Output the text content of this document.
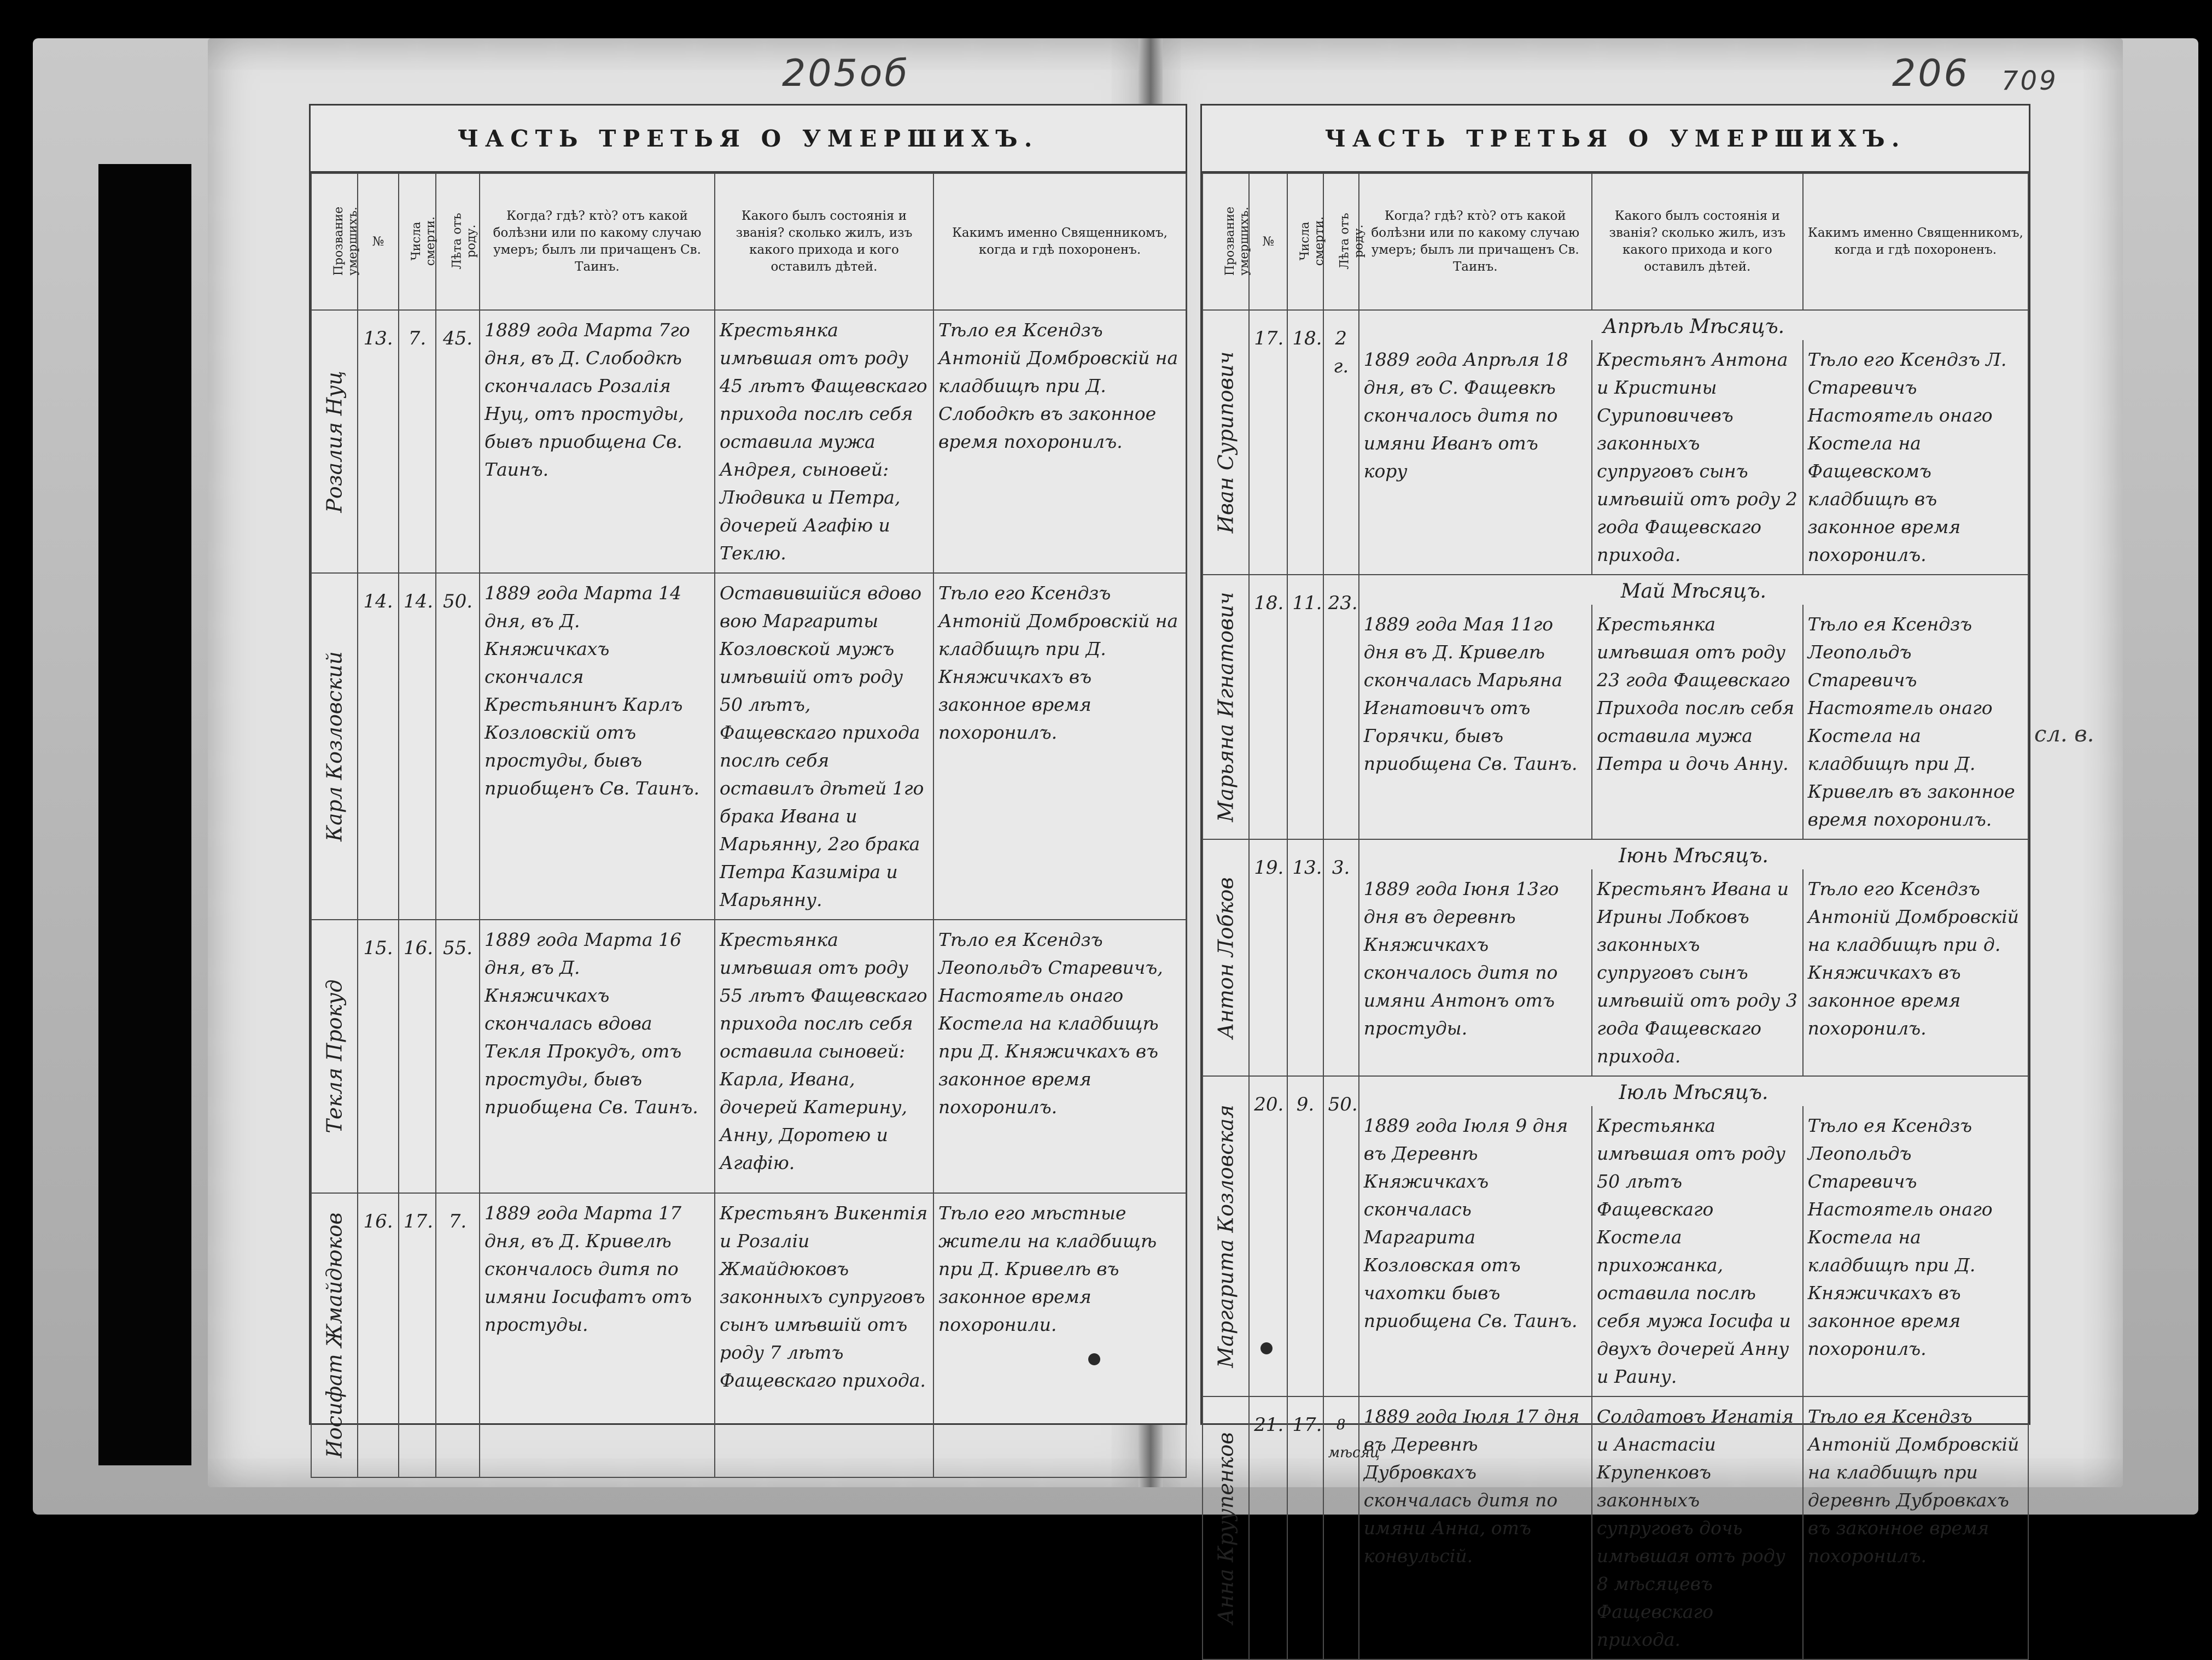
205об	206 709
ЧАСТЬ ТРЕТЬЯ О УМЕРШИХЪ.
Прозвание
умершихъ.	№	Числа
смерти.	Лѣта отъ
роду.	Когда? гдѣ? ктò? отъ какой болѣзни или по какому случаю умеръ; былъ ли причащенъ Св. Таинъ.	Какого былъ состоянія и званія? сколько жилъ, изъ какого прихода и кого оставилъ дѣтей.	Какимъ именно Священникомъ, когда и гдѣ похороненъ.

Розалия Нуц	13.	7.	45.	1889 года Марта 7го дня, въ Д. Слободкѣ скончалась Розалія Нуц, отъ простуды, бывъ приобщена Св. Таинъ.	Крестьянка имѣвшая отъ роду 45 лѣтъ Фащевскаго прихода послѣ себя оставила мужа Андрея, сыновей: Людвика и Петра, дочерей Агафію и Теклю.	Тѣло ея Ксендзъ Антоній Домбровскій на кладбищѣ при Д. Слободкѣ въ законное время похоронилъ.

Карл Козловский	14.	14.	50.	1889 года Марта 14 дня, въ Д. Княжичкахъ скончался Крестьянинъ Карлъ Козловскій отъ простуды, бывъ приобщенъ Св. Таинъ.	Оставившійся вдово вою Маргариты Козловской мужъ имѣвшій отъ роду 50 лѣтъ, Фащевскаго прихода послѣ себя оставилъ дѣтей 1го брака Ивана и Марьянну, 2го брака Петра Казиміра и Марьянну.	Тѣло его Ксендзъ Антоній Домбровскій на кладбищѣ при Д. Княжичкахъ въ законное время похоронилъ.

Текля Прокуд	15.	16.	55.	1889 года Марта 16 дня, въ Д. Княжичкахъ скончалась вдова Текля Прокудъ, отъ простуды, бывъ приобщена Св. Таинъ.	Крестьянка имѣвшая отъ роду 55 лѣтъ Фащевскаго прихода послѣ себя оставила сыновей: Карла, Ивана, дочерей Катерину, Анну, Доротею и Агафію.	Тѣло ея Ксендзъ Леопольдъ Старевичъ, Настоятель онаго Костела на кладбищѣ при Д. Княжичкахъ въ законное время похоронилъ.

Иосифат Жмайдюков	16.	17.	7.	1889 года Марта 17 дня, въ Д. Кривелѣ скончалось дитя по имяни Іосифатъ отъ простуды.	Крестьянъ Викентія и Розаліи Жмайдюковъ законныхъ супруговъ сынъ имѣвшій отъ роду 7 лѣтъ Фащевскаго прихода.	Тѣло его мѣстные жители на кладбищѣ при Д. Кривелѣ въ законное время похоронили.
ЧАСТЬ ТРЕТЬЯ О УМЕРШИХЪ.
Прозвание
умершихъ.	№	Числа
смерти.	Лѣта отъ
роду.	Когда? гдѣ? ктò? отъ какой болѣзни или по какому случаю умеръ; былъ ли причащенъ Св. Таинъ.	Какого былъ состоянія и званія? сколько жилъ, изъ какого прихода и кого оставилъ дѣтей.	Какимъ именно Священникомъ, когда и гдѣ похороненъ.

Иван Сурипович
	17.	18.	2 г.	
Апрѣль Мѣсяцъ.
1889 года Апрѣля 18 дня, въ С. Фащевкѣ скончалось дитя по имяни Иванъ отъ кору	Крестьянъ Антона и Кристины Суриповичевъ законныхъ супруговъ сынъ имѣвшій отъ роду 2 года Фащевскаго прихода.	Тѣло его Ксендзъ Л. Старевичъ Настоятель онаго Костела на Фащевскомъ кладбищѣ въ законное время похоронилъ.

Марьяна Игнатович	18.	11.	23.	
Май Мѣсяцъ.
1889 года Мая 11го дня въ Д. Кривелѣ скончалась Марьяна Игнатовичъ отъ Горячки, бывъ приобщена Св. Таинъ.	Крестьянка имѣвшая отъ роду 23 года Фащевскаго Прихода послѣ себя оставила мужа Петра и дочь Анну.	Тѣло ея Ксендзъ Леопольдъ Старевичъ Настоятель онаго Костела на кладбищѣ при Д. Кривелѣ въ законное время похоронилъ.

Антон Лобков
	19.	13.	3.	
Іюнь Мѣсяцъ.
1889 года Іюня 13го дня въ деревнѣ Княжичкахъ скончалось дитя по имяни Антонъ отъ простуды.	Крестьянъ Ивана и Ирины Лобковъ законныхъ супруговъ сынъ имѣвшій отъ роду 3 года Фащевскаго прихода.	Тѣло его Ксендзъ Антоній Домбровскій на кладбищѣ при д. Княжичкахъ въ законное время похоронилъ.

Маргарита Козловская
	20.	9.	50.	
Іюль Мѣсяцъ.
1889 года Іюля 9 дня въ Деревнѣ Княжичкахъ скончалась Маргарита Козловская отъ чахотки бывъ приобщена Св. Таинъ.	Крестьянка имѣвшая отъ роду 50 лѣтъ Фащевскаго Костела прихожанка, оставила послѣ себя мужа Іосифа и двухъ дочерей Анну и Раину.	Тѣло ея Ксендзъ Леопольдъ Старевичъ Настоятель онаго Костела на кладбищѣ при Д. Княжичкахъ въ законное время похоронилъ.

Анна Круупенков
	21.	17.	8 мѣсяц	1889 года Іюля 17 дня въ Деревнѣ Дубровкахъ скончалась дитя по имяни Анна, отъ конвульсій.	Солдатовъ Игнатія и Анастасіи Крупенковъ законныхъ супруговъ дочь имѣвшая отъ роду 8 мѣсяцевъ Фащевскаго прихода.	Тѣло ея Ксендзъ Антоній Домбровскій на кладбищѣ при деревнѣ Дубровкахъ въ законное время похоронилъ.
сл. в.
